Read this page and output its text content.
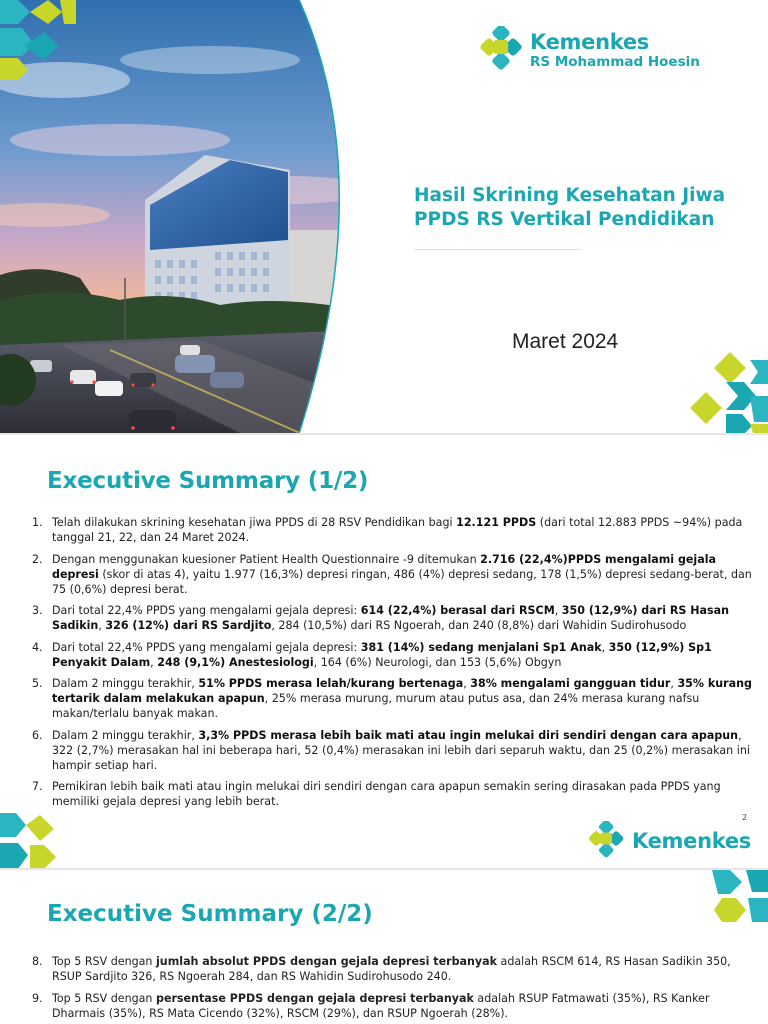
Kemenkes
RS Mohammad Hoesin
Hasil Skrining Kesehatan Jiwa
PPDS RS Vertikal Pendidikan
Maret 2024
Executive Summary (1/2)
1. Telah dilakukan skrining kesehatan jiwa PPDS di 28 RSV Pendidikan bagi 12.121 PPDS (dari total 12.883 PPDS ~94%) pada tanggal 21, 22, dan 24 Maret 2024.
2. Dengan menggunakan kuesioner Patient Health Questionnaire -9 ditemukan 2.716 (22,4%)PPDS mengalami gejala depresi (skor di atas 4), yaitu 1.977 (16,3%) depresi ringan, 486 (4%) depresi sedang, 178 (1,5%) depresi sedang-berat, dan 75 (0,6%) depresi berat.
3. Dari total 22,4% PPDS yang mengalami gejala depresi: 614 (22,4%) berasal dari RSCM, 350 (12,9%) dari RS Hasan Sadikin, 326 (12%) dari RS Sardjito, 284 (10,5%) dari RS Ngoerah, dan 240 (8,8%) dari Wahidin Sudirohusodo
4. Dari total 22,4% PPDS yang mengalami gejala depresi: 381 (14%) sedang menjalani Sp1 Anak, 350 (12,9%) Sp1 Penyakit Dalam, 248 (9,1%) Anestesiologi, 164 (6%) Neurologi, dan 153 (5,6%) Obgyn
5. Dalam 2 minggu terakhir, 51% PPDS merasa lelah/kurang bertenaga, 38% mengalami gangguan tidur, 35% kurang tertarik dalam melakukan apapun, 25% merasa murung, murum atau putus asa, dan 24% merasa kurang nafsu makan/terlalu banyak makan.
6. Dalam 2 minggu terakhir, 3,3% PPDS merasa lebih baik mati atau ingin melukai diri sendiri dengan cara apapun, 322 (2,7%) merasakan hal ini beberapa hari, 52 (0,4%) merasakan ini lebih dari separuh waktu, dan 25 (0,2%) merasakan ini hampir setiap hari.
7. Pemikiran lebih baik mati atau ingin melukai diri sendiri dengan cara apapun semakin sering dirasakan pada PPDS yang memiliki gejala depresi yang lebih berat.
2
Kemenkes
Executive Summary (2/2)
8. Top 5 RSV dengan jumlah absolut PPDS dengan gejala depresi terbanyak adalah RSCM 614, RS Hasan Sadikin 350, RSUP Sardjito 326, RS Ngoerah 284, dan RS Wahidin Sudirohusodo 240.
9. Top 5 RSV dengan persentase PPDS dengan gejala depresi terbanyak adalah RSUP Fatmawati (35%), RS Kanker Dharmais (35%), RS Mata Cicendo (32%), RSCM (29%), dan RSUP Ngoerah (28%).
